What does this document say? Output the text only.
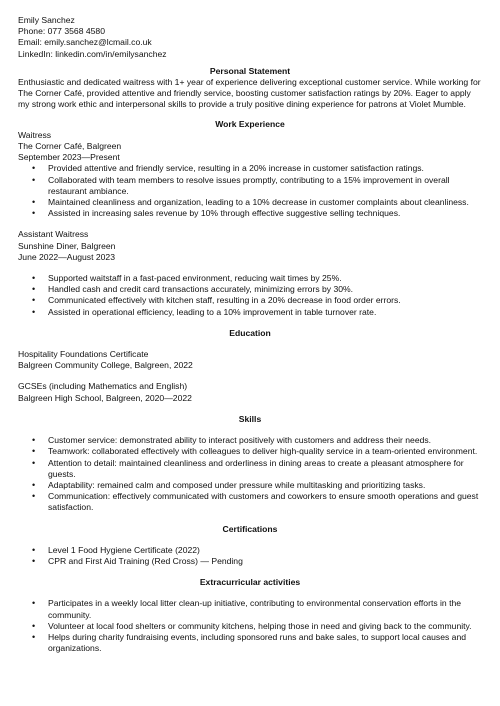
Emily Sanchez
Phone: 077 3568 4580
Email: emily.sanchez@lcmail.co.uk
LinkedIn: linkedin.com/in/emilysanchez
Personal Statement

Enthusiastic and dedicated waitress with 1+ year of experience delivering exceptional customer service. While working for The Corner Café, provided attentive and friendly service, boosting customer satisfaction ratings by 20%. Eager to apply my strong work ethic and interpersonal skills to provide a truly positive dining experience for patrons at Violet Mumble.

Work Experience
Waitress
The Corner Café, Balgreen
September 2023—Present
• Provided attentive and friendly service, resulting in a 20% increase in customer satisfaction ratings.
• Collaborated with team members to resolve issues promptly, contributing to a 15% improvement in overall restaurant ambiance.
• Maintained cleanliness and organization, leading to a 10% decrease in customer complaints about cleanliness.
• Assisted in increasing sales revenue by 10% through effective suggestive selling techniques.
Assistant Waitress
Sunshine Diner, Balgreen
June 2022—August 2023
• Supported waitstaff in a fast-paced environment, reducing wait times by 25%.
• Handled cash and credit card transactions accurately, minimizing errors by 30%.
• Communicated effectively with kitchen staff, resulting in a 20% decrease in food order errors.
• Assisted in operational efficiency, leading to a 10% improvement in table turnover rate.
Education
Hospitality Foundations Certificate
Balgreen Community College, Balgreen, 2022
GCSEs (including Mathematics and English)
Balgreen High School, Balgreen, 2020—2022
Skills
• Customer service: demonstrated ability to interact positively with customers and address their needs.
• Teamwork: collaborated effectively with colleagues to deliver high-quality service in a team-oriented environment.
• Attention to detail: maintained cleanliness and orderliness in dining areas to create a pleasant atmosphere for guests.
• Adaptability: remained calm and composed under pressure while multitasking and prioritizing tasks.
• Communication: effectively communicated with customers and coworkers to ensure smooth operations and guest satisfaction.
Certifications
• Level 1 Food Hygiene Certificate (2022)
• CPR and First Aid Training (Red Cross) — Pending
Extracurricular activities
• Participates in a weekly local litter clean-up initiative, contributing to environmental conservation efforts in the community.
• Volunteer at local food shelters or community kitchens, helping those in need and giving back to the community.
• Helps during charity fundraising events, including sponsored runs and bake sales, to support local causes and organizations.
